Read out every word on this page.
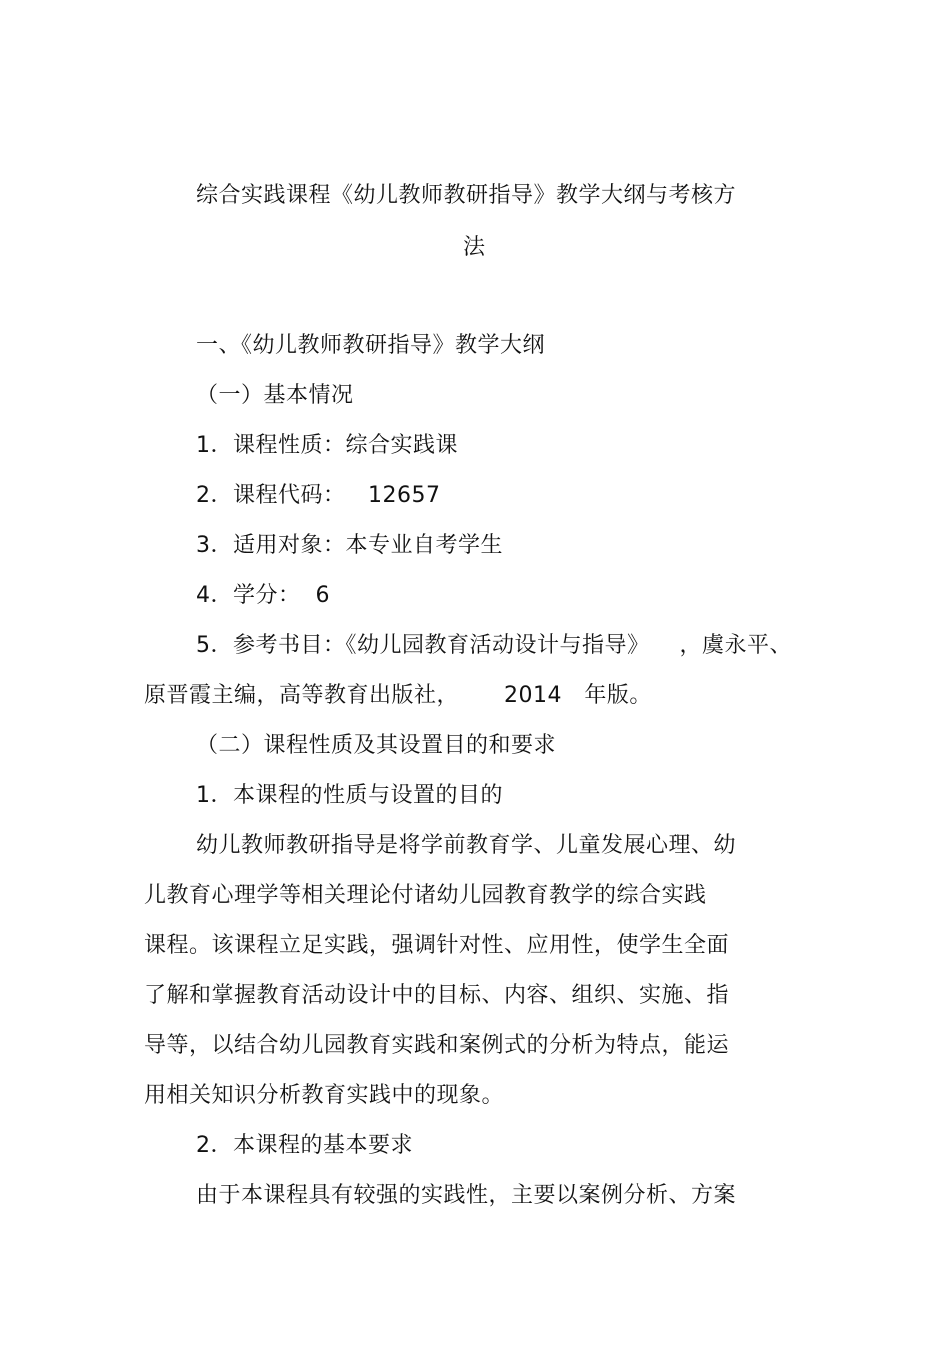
综合实践课程《幼儿教师教研指导》教学大纲与考核方
法
一、《幼儿教师教研指导》教学大纲
（一）基本情况
1．课程性质：综合实践课
2．课程代码：   12657
3．适用对象：本专业自考学生
4．学分：  6
5．参考书目：《幼儿园教育活动设计与指导》    ，虞永平、
原晋霞主编，高等教育出版社，      2014   年版。
（二）课程性质及其设置目的和要求
1．本课程的性质与设置的目的
幼儿教师教研指导是将学前教育学、儿童发展心理、幼
儿教育心理学等相关理论付诸幼儿园教育教学的综合实践
课程。该课程立足实践，强调针对性、应用性，使学生全面
了解和掌握教育活动设计中的目标、内容、组织、实施、指
导等，以结合幼儿园教育实践和案例式的分析为特点，能运
用相关知识分析教育实践中的现象。
2．本课程的基本要求
由于本课程具有较强的实践性，主要以案例分析、方案
